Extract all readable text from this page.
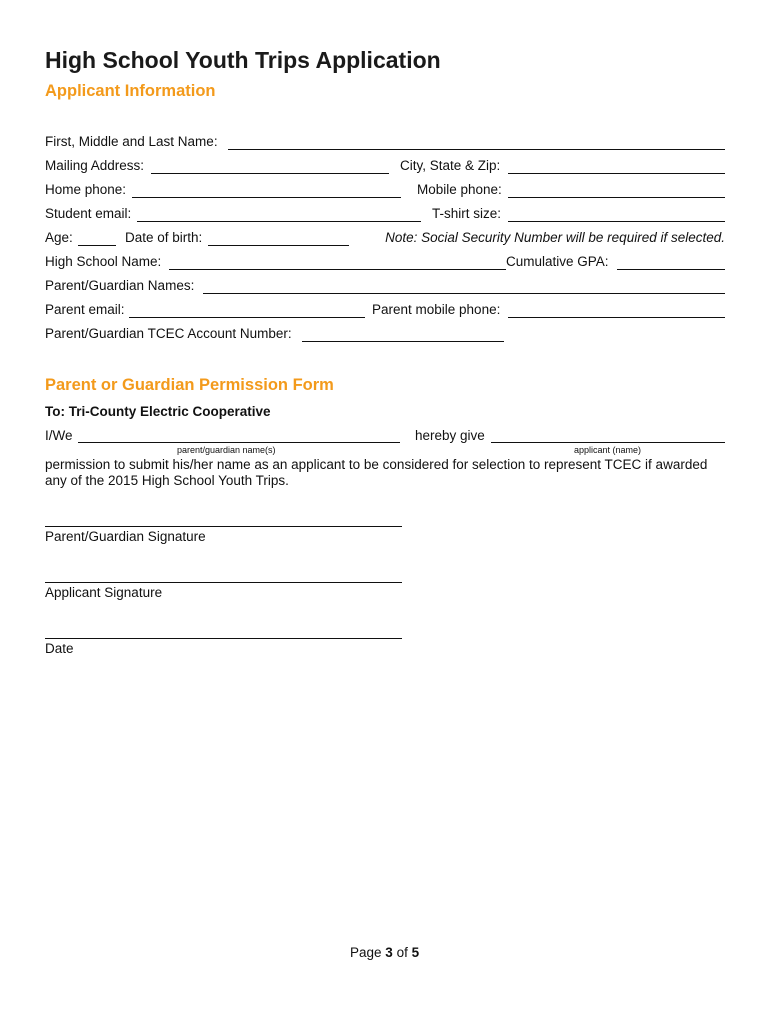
High School Youth Trips Application
Applicant Information
First, Middle and Last Name:
Mailing Address:	City, State & Zip:
Home phone:	Mobile phone:
Student email:	T-shirt size:
Age:	Date of birth:	Note: Social Security Number will be required if selected.
High School Name:	Cumulative GPA:
Parent/Guardian Names:
Parent email:	Parent mobile phone:
Parent/Guardian TCEC Account Number:
Parent or Guardian Permission Form
To: Tri-County Electric Cooperative
I/We
parent/guardian name(s)
hereby give
applicant (name)
permission to submit his/her name as an applicant to be considered for selection to represent TCEC if awarded
any of the 2015 High School Youth Trips.
Parent/Guardian Signature
Applicant Signature
Date
Page 3 of 5
